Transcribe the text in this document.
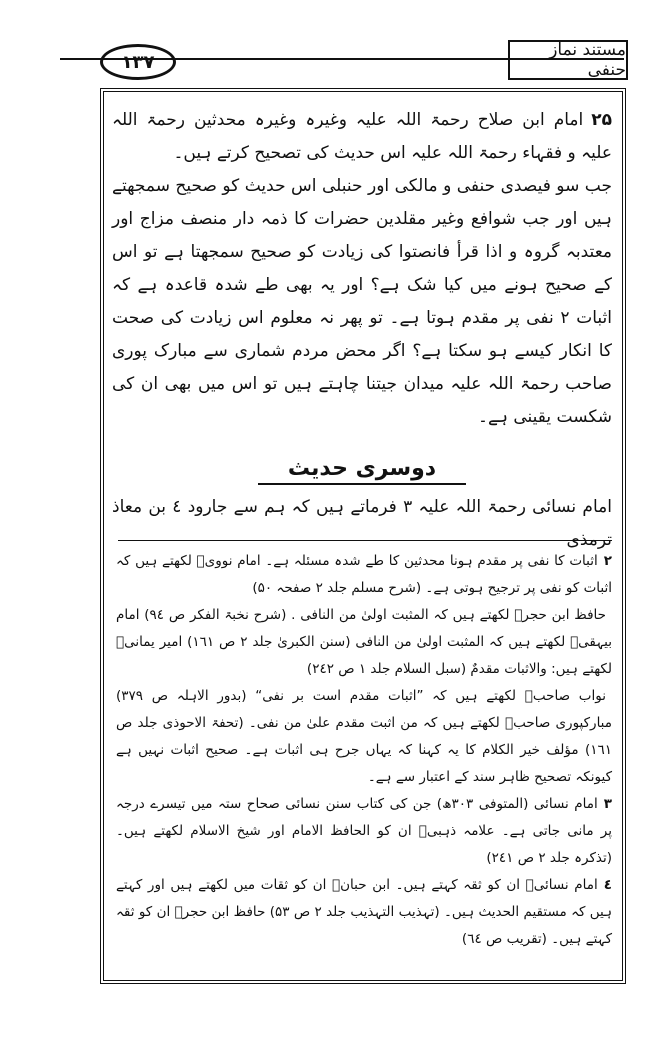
١٣٧
مستند نماز حنفی

٢۵امام ابن صلاح رحمۃ اللہ علیہ وغیرہ وغیرہ محدثین رحمۃ اللہ علیہ و فقہاء رحمۃ اللہ علیہ اس حدیث کی تصحیح کرتے ہیں۔

جب سو فیصدی حنفی و مالکی اور حنبلی اس حدیث کو صحیح سمجھتے ہیں اور جب شوافع وغیر مقلدین حضرات کا ذمہ دار منصف مزاج اور معتدبہ گروہ و اذا قرأ فانصتوا کی زیادت کو صحیح سمجھتا ہے تو اس کے صحیح ہونے میں کیا شک ہے؟ اور یہ بھی طے شدہ قاعدہ ہے کہ اثبات ٢ نفی پر مقدم ہوتا ہے۔ تو پھر نہ معلوم اس زیادت کی صحت کا انکار کیسے ہو سکتا ہے؟ اگر محض مردم شماری سے مبارک پوری صاحب رحمۃ اللہ علیہ میدان جیتنا چاہتے ہیں تو اس میں بھی ان کی شکست یقینی ہے۔

دوسری حدیث

امام نسائی رحمۃ اللہ علیہ ٣ فرماتے ہیں کہ ہم سے جارود ٤ بن معاذ ترمذی

٢اثبات کا نفی پر مقدم ہونا محدثین کا طے شدہ مسئلہ ہے۔ امام نوویؒ لکھتے ہیں کہ اثبات کو نفی پر ترجیح ہوتی ہے۔ (شرح مسلم جلد ٢ صفحہ ۵٠)

حافظ ابن حجرؒ لکھتے ہیں کہ المثبت اولیٰ من النافی . (شرح نخبۃ الفکر ص ٩٤) امام بیہقیؒ لکھتے ہیں کہ المثبت اولیٰ من النافی (سنن الکبریٰ جلد ٢ ص ١٦١) امیر یمانیؒ لکھتے ہیں: والاثبات مقدمٌ (سبل السلام جلد ١ ص ٢٤٢)

نواب صاحبؒ لکھتے ہیں کہ ”اثبات مقدم است بر نفی“ (بدور الاہلہ ص ٣٧٩) مبارکپوری صاحبؒ لکھتے ہیں کہ من اثبت مقدم علیٰ من نفی۔ (تحفۃ الاحوذی جلد ص ١٦١) مؤلف خیر الکلام کا یہ کہنا کہ یہاں جرح ہی اثبات ہے۔ صحیح اثبات نہیں ہے کیونکہ تصحیح ظاہر سند کے اعتبار سے ہے۔

٣امام نسائی (المتوفی ٣٠٣ھ) جن کی کتاب سنن نسائی صحاح ستہ میں تیسرے درجہ پر مانی جاتی ہے۔ علامہ ذہبیؒ ان کو الحافظ الامام اور شیخ الاسلام لکھتے ہیں۔ (تذکرہ جلد ٢ ص ٢٤١)

٤امام نسائیؒ ان کو ثقہ کہتے ہیں۔ ابن حبانؒ ان کو ثقات میں لکھتے ہیں اور کہتے ہیں کہ مستقیم الحدیث ہیں۔ (تہذیب التہذیب جلد ٢ ص ۵٣) حافظ ابن حجرؒ ان کو ثقہ کہتے ہیں۔ (تقریب ص ٦٤)
